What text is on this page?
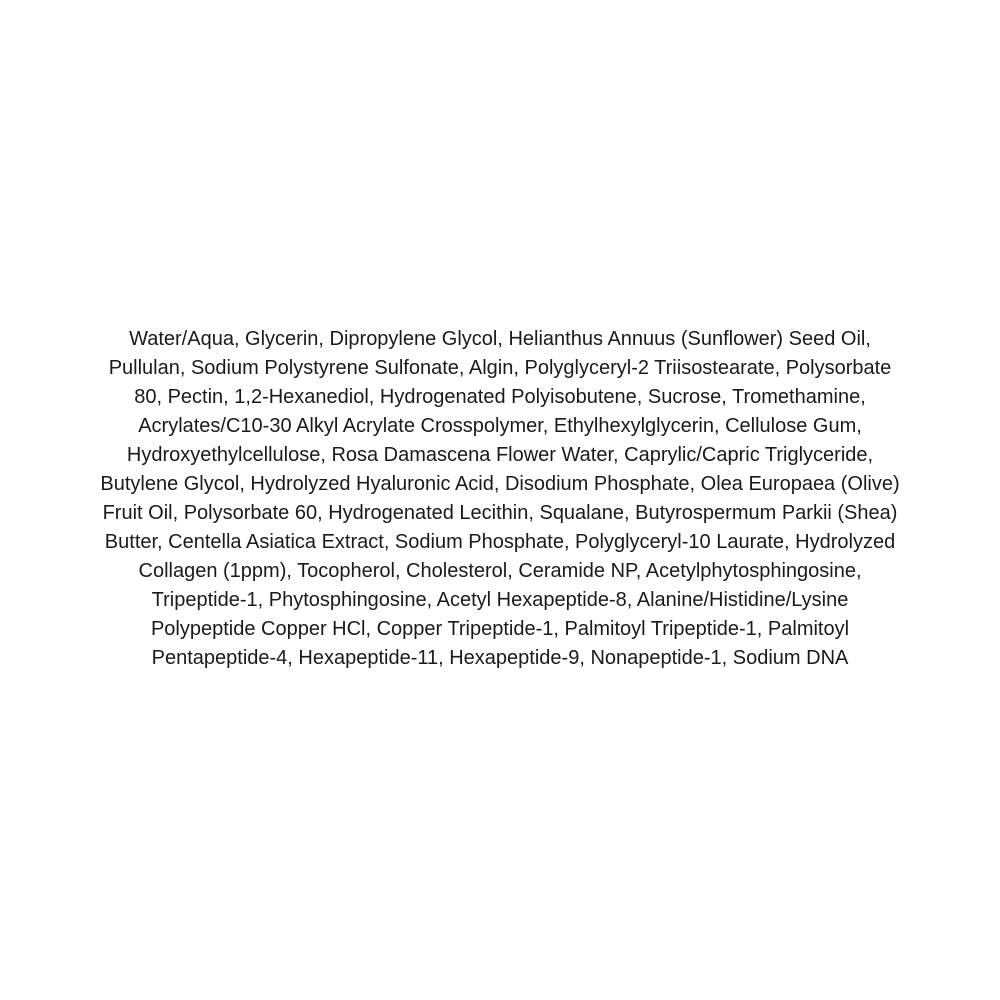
Water/Aqua, Glycerin, Dipropylene Glycol, Helianthus Annuus (Sunflower) Seed Oil,
Pullulan, Sodium Polystyrene Sulfonate, Algin, Polyglyceryl-2 Triisostearate, Polysorbate
80, Pectin, 1,2-Hexanediol, Hydrogenated Polyisobutene, Sucrose, Tromethamine,
Acrylates/C10-30 Alkyl Acrylate Crosspolymer, Ethylhexylglycerin, Cellulose Gum,
Hydroxyethylcellulose, Rosa Damascena Flower Water, Caprylic/Capric Triglyceride,
Butylene Glycol, Hydrolyzed Hyaluronic Acid, Disodium Phosphate, Olea Europaea (Olive)
Fruit Oil, Polysorbate 60, Hydrogenated Lecithin, Squalane, Butyrospermum Parkii (Shea)
Butter, Centella Asiatica Extract, Sodium Phosphate, Polyglyceryl-10 Laurate, Hydrolyzed
Collagen (1ppm), Tocopherol, Cholesterol, Ceramide NP, Acetylphytosphingosine,
Tripeptide-1, Phytosphingosine, Acetyl Hexapeptide-8, Alanine/Histidine/Lysine
Polypeptide Copper HCl, Copper Tripeptide-1, Palmitoyl Tripeptide-1, Palmitoyl
Pentapeptide-4, Hexapeptide-11, Hexapeptide-9, Nonapeptide-1, Sodium DNA
